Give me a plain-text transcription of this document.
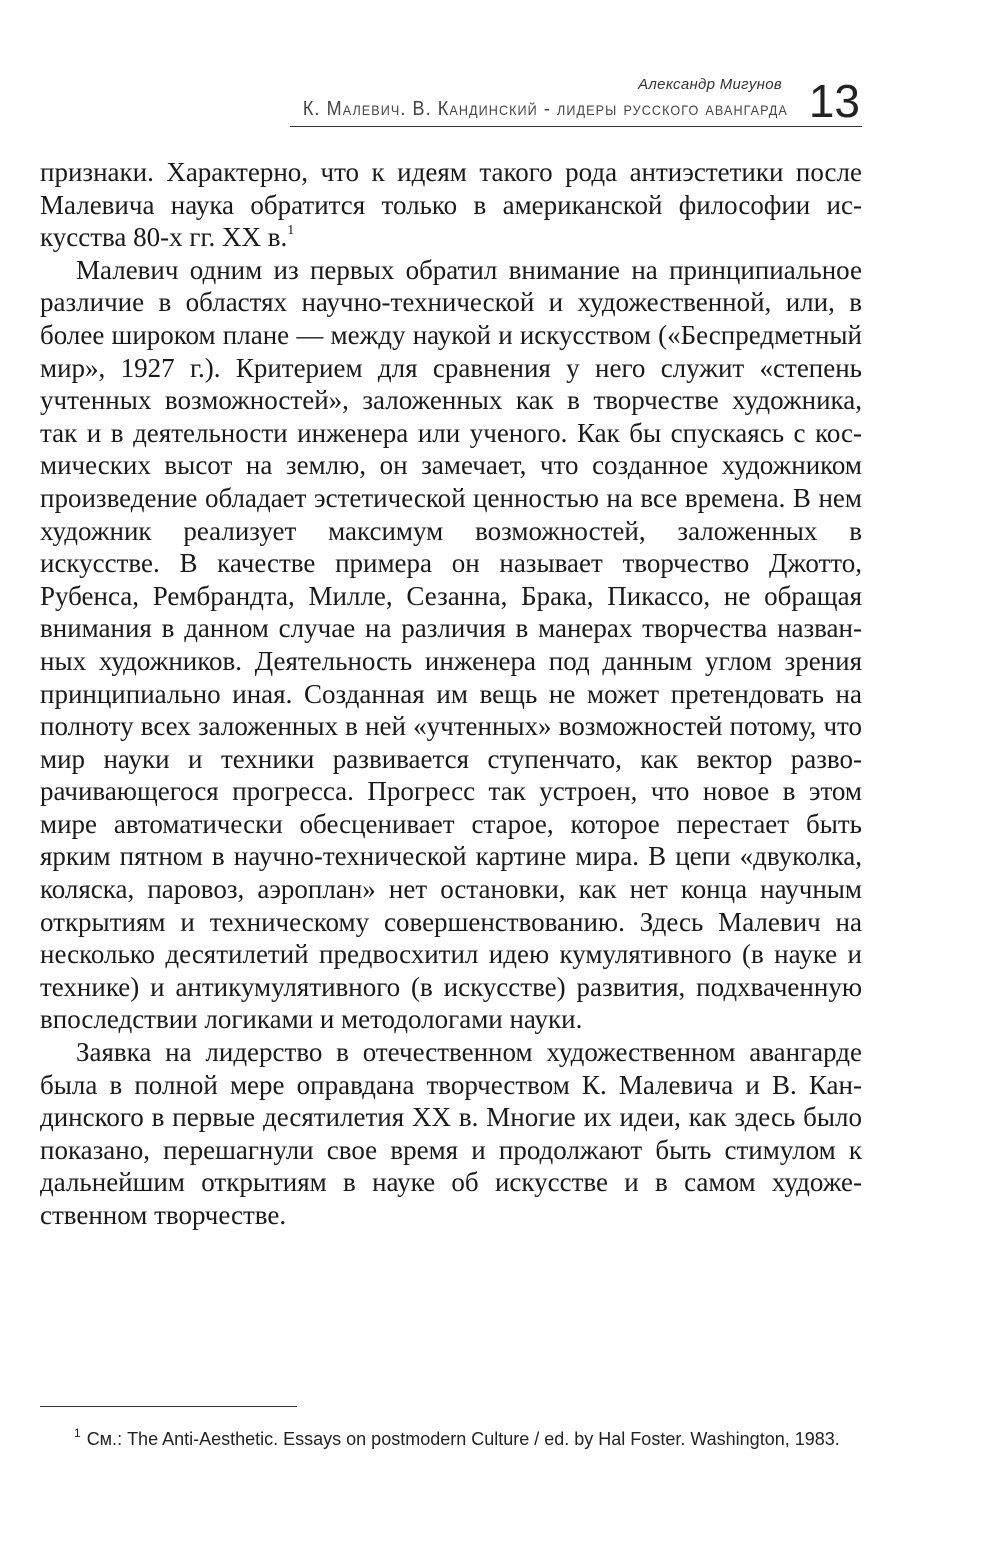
Александр Мигунов
К. Малевич. В. Кандинский - лидеры русского авангарда 13

признаки. Характерно, что к идеям такого рода антиэстетики после Малевича наука обратится только в американской философии искусства 80-х гг. XX в.$^1$

Малевич одним из первых обратил внимание на принципиальное различие в областях научно-технической и художественной, или, в более широком плане — между наукой и искусством («Беспредметный мир», 1927 г.). Критерием для сравнения у него служит «степень учтенных возможностей», заложенных как в творчестве художника, так и в деятельности инженера или ученого. Как бы спускаясь с космических высот на землю, он замечает, что созданное художником произведение обладает эстетической ценностью на все времена. В нем художник реализует максимум возможностей, заложенных в искусстве. В качестве примера он называет творчество Джотто, Рубенса, Рембрандта, Милле, Сезанна, Брака, Пикассо, не обращая внимания в данном случае на различия в манерах творчества названных художников. Деятельность инженера под данным углом зрения принципиально иная. Созданная им вещь не может претендовать на полноту всех заложенных в ней «учтенных» возможностей потому, что мир науки и техники развивается ступенчато, как вектор разворачивающегося прогресса. Прогресс так устроен, что новое в этом мире автоматически обесценивает старое, которое перестает быть ярким пятном в научно-технической картине мира. В цепи «двуколка, коляска, паровоз, аэроплан» нет остановки, как нет конца научным открытиям и техническому совершенствованию. Здесь Малевич на несколько десятилетий предвосхитил идею кумулятивного (в науке и технике) и антикумулятивного (в искусстве) развития, подхваченную впоследствии логиками и методологами науки.

Заявка на лидерство в отечественном художественном авангарде была в полной мере оправдана творчеством К. Малевича и В. Кандинского в первые десятилетия XX в. Многие их идеи, как здесь было показано, перешагнули свое время и продолжают быть стимулом к дальнейшим открытиям в науке об искусстве и в самом художественном творчестве.

$^1$ См.: The Anti-Aesthetic. Essays on postmodern Culture / ed. by Hal Foster. Washington, 1983.
